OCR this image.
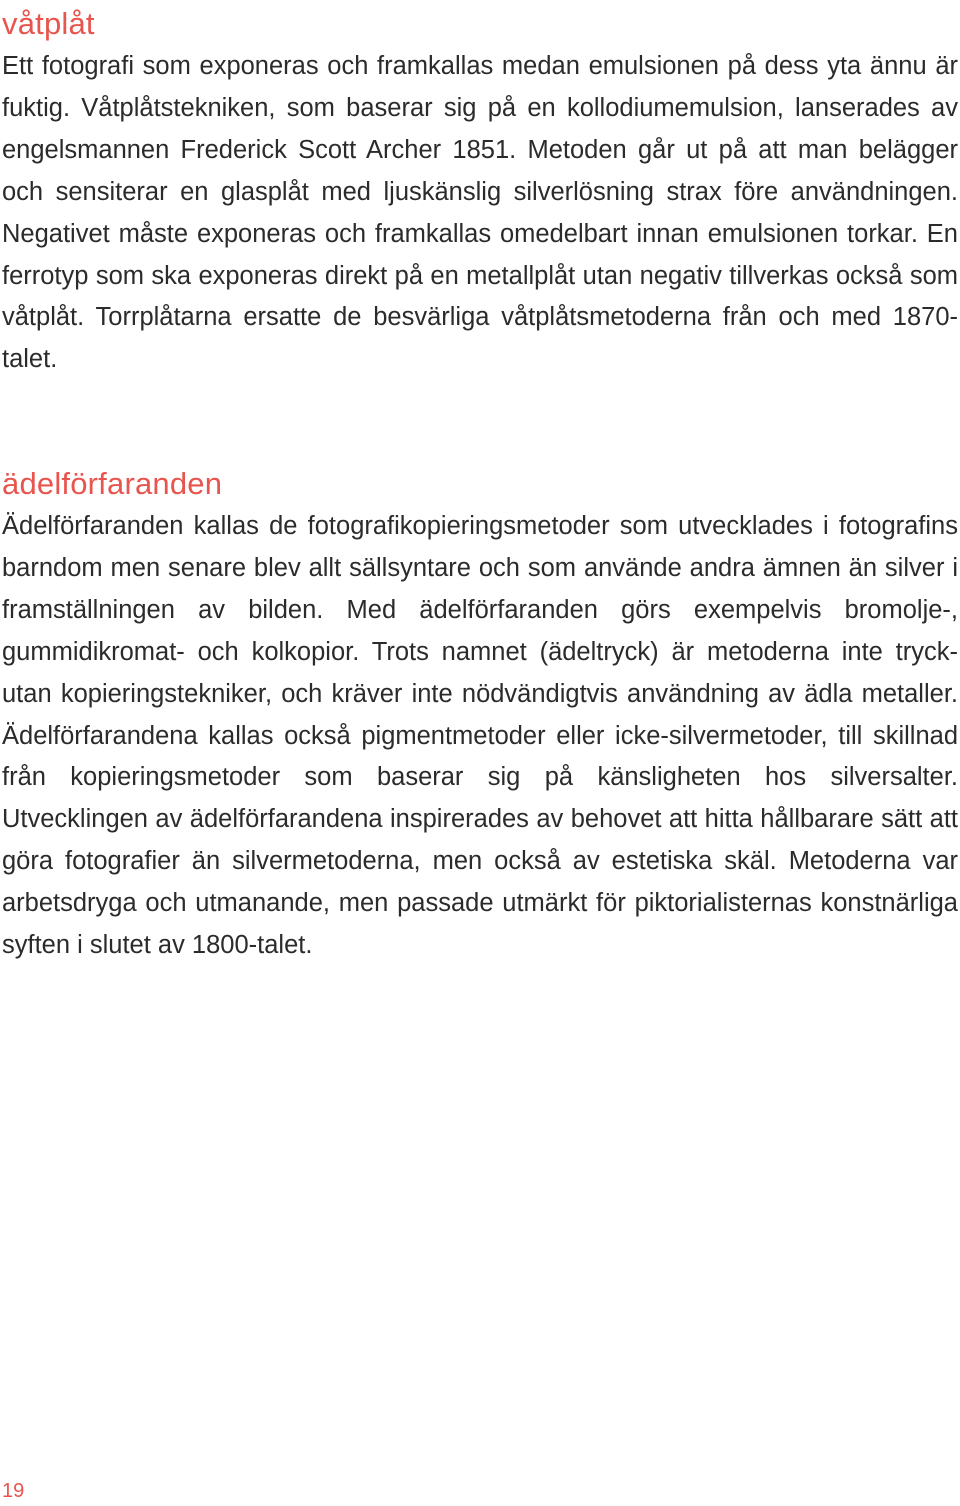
våtplåt

Ett fotografi som exponeras och framkallas medan emulsionen på dess yta ännu är fuktig. Våtplåtstekniken, som baserar sig på en kollodiumemulsion, lanserades av engelsmannen Frederick Scott Archer 1851. Metoden går ut på att man belägger och sensiterar en glasplåt med ljuskänslig silverlösning strax före användningen. Negativet måste exponeras och framkallas omedelbart innan emulsionen torkar. En ferrotyp som ska exponeras direkt på en metallplåt utan negativ tillverkas också som våtplåt. Torrplåtarna ersatte de besvärliga våtplåtsmetoderna från och med 1870-talet.

ädelförfaranden

Ädelförfaranden kallas de fotografikopieringsmetoder som utvecklades i fotografins barndom men senare blev allt sällsyntare och som använde andra ämnen än silver i framställningen av bilden. Med ädelförfaranden görs exempelvis bromolje-, gummidikromat- och kolkopior. Trots namnet (ädeltryck) är metoderna inte tryck- utan kopieringstekniker, och kräver inte nödvändigtvis användning av ädla metaller. Ädelförfarandena kallas också pigmentmetoder eller icke-silvermetoder, till skillnad från kopieringsmetoder som baserar sig på känsligheten hos silversalter. Utvecklingen av ädelförfarandena inspirerades av behovet att hitta hållbarare sätt att göra fotografier än silvermetoderna, men också av estetiska skäl. Metoderna var arbetsdryga och utmanande, men passade utmärkt för piktorialisternas konstnärliga syften i slutet av 1800-talet.

19
